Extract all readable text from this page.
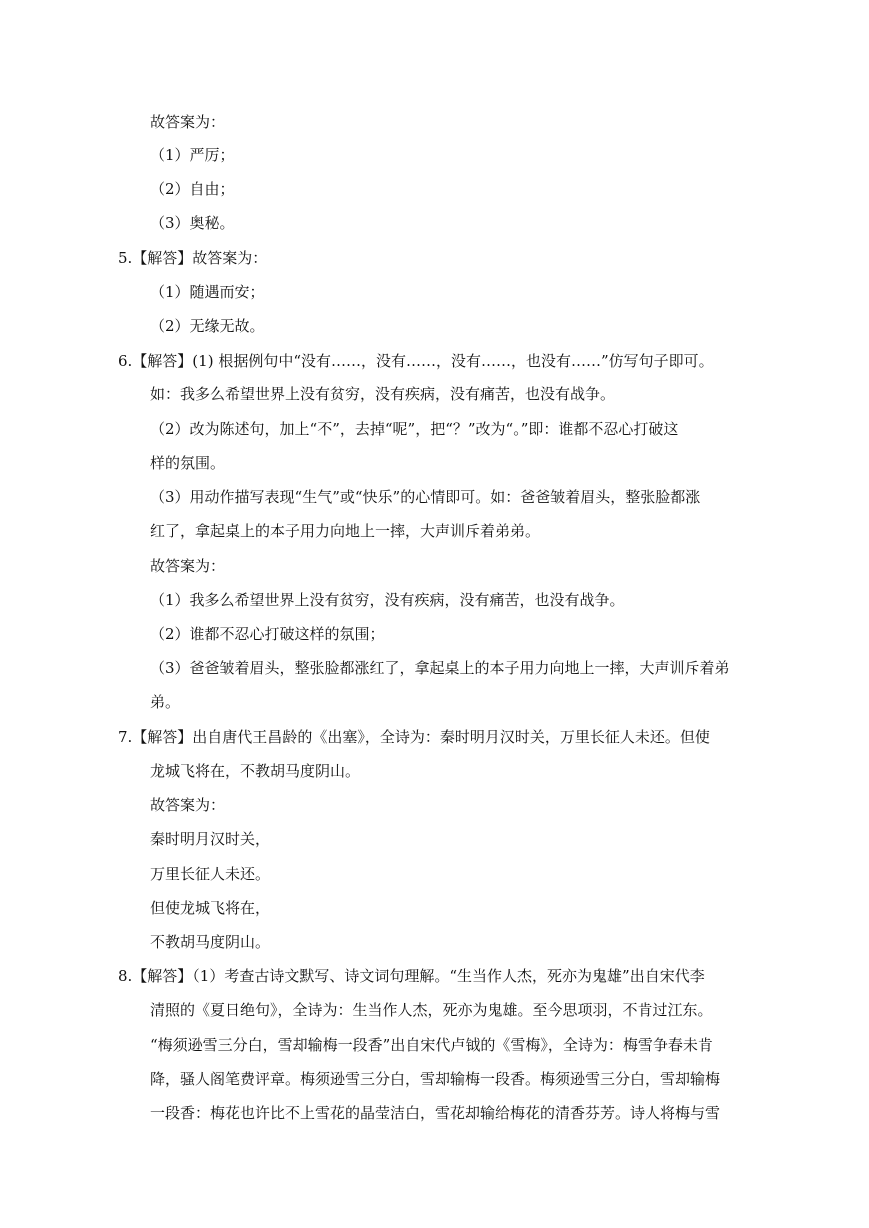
故答案为：
（1）严厉；
（2）自由；
（3）奥秘。
5.【解答】故答案为：
（1）随遇而安；
（2）无缘无故。
6.【解答】(1) 根据例句中“没有……，没有……，没有……，也没有……”仿写句子即可。
如：我多么希望世界上没有贫穷，没有疾病，没有痛苦，也没有战争。
（2）改为陈述句，加上“不”，去掉“呢”，把“？”改为“。”即：谁都不忍心打破这
样的氛围。
（3）用动作描写表现“生气”或“快乐”的心情即可。如：爸爸皱着眉头，整张脸都涨
红了，拿起桌上的本子用力向地上一摔，大声训斥着弟弟。
故答案为：
（1）我多么希望世界上没有贫穷，没有疾病，没有痛苦，也没有战争。
（2）谁都不忍心打破这样的氛围；
（3）爸爸皱着眉头，整张脸都涨红了，拿起桌上的本子用力向地上一摔，大声训斥着弟
弟。
7.【解答】出自唐代王昌龄的《出塞》，全诗为：秦时明月汉时关，万里长征人未还。但使
龙城飞将在，不教胡马度阴山。
故答案为：
秦时明月汉时关，
万里长征人未还。
但使龙城飞将在，
不教胡马度阴山。
8.【解答】（1）考查古诗文默写、诗文词句理解。“生当作人杰，死亦为鬼雄”出自宋代李
清照的《夏日绝句》，全诗为：生当作人杰，死亦为鬼雄。至今思项羽，不肯过江东。
“梅须逊雪三分白，雪却输梅一段香”出自宋代卢钺的《雪梅》，全诗为：梅雪争春未肯
降，骚人阁笔费评章。梅须逊雪三分白，雪却输梅一段香。梅须逊雪三分白，雪却输梅
一段香：梅花也许比不上雪花的晶莹洁白，雪花却输给梅花的清香芬芳。诗人将梅与雪
